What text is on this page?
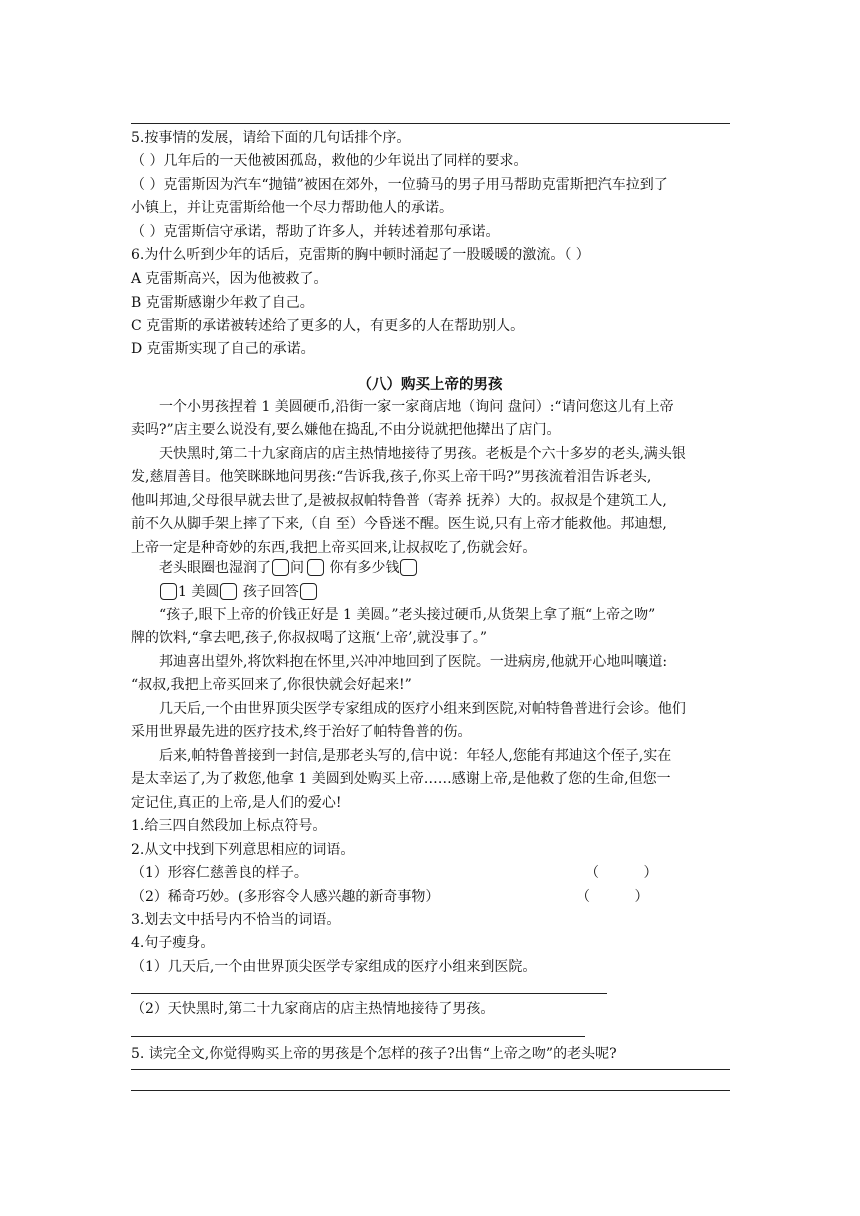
5.按事情的发展，请给下面的几句话排个序。
（ ）几年后的一天他被困孤岛，救他的少年说出了同样的要求。
（ ）克雷斯因为汽车“抛锚”被困在郊外，一位骑马的男子用马帮助克雷斯把汽车拉到了
小镇上，并让克雷斯给他一个尽力帮助他人的承诺。
（ ）克雷斯信守承诺，帮助了许多人，并转述着那句承诺。
6.为什么听到少年的话后，克雷斯的胸中顿时涌起了一股暖暖的激流。（ ）
A 克雷斯高兴，因为他被救了。
B 克雷斯感谢少年救了自己。
C 克雷斯的承诺被转述给了更多的人，有更多的人在帮助别人。
D 克雷斯实现了自己的承诺。
（八）购买上帝的男孩
一个小男孩捏着 1 美圆硬币,沿街一家一家商店地（询问 盘问）:“请问您这儿有上帝
卖吗?”店主要么说没有,要么嫌他在捣乱,不由分说就把他撵出了店门。
天快黑时,第二十九家商店的店主热情地接待了男孩。老板是个六十多岁的老头,满头银
发,慈眉善目。他笑眯眯地问男孩:“告诉我,孩子,你买上帝干吗?”男孩流着泪告诉老头,
他叫邦迪,父母很早就去世了,是被叔叔帕特鲁普（寄养 抚养）大的。叔叔是个建筑工人,
前不久从脚手架上摔了下来,（自 至）今昏迷不醒。医生说,只有上帝才能救他。邦迪想,
上帝一定是种奇妙的东西,我把上帝买回来,让叔叔吃了,伤就会好。
老头眼圈也湿润了 问 你有多少钱
1 美圆 孩子回答
“孩子,眼下上帝的价钱正好是 1 美圆。”老头接过硬币,从货架上拿了瓶“上帝之吻”
牌的饮料,“拿去吧,孩子,你叔叔喝了这瓶‘上帝’,就没事了。”
邦迪喜出望外,将饮料抱在怀里,兴冲冲地回到了医院。一进病房,他就开心地叫嚷道:
“叔叔,我把上帝买回来了,你很快就会好起来!”
几天后,一个由世界顶尖医学专家组成的医疗小组来到医院,对帕特鲁普进行会诊。他们
采用世界最先进的医疗技术,终于治好了帕特鲁普的伤。
后来,帕特鲁普接到一封信,是那老头写的,信中说：年轻人,您能有邦迪这个侄子,实在
是太幸运了,为了救您,他拿 1 美圆到处购买上帝……感谢上帝,是他救了您的生命,但您一
定记住,真正的上帝,是人们的爱心!
1.给三四自然段加上标点符号。
2.从文中找到下列意思相应的词语。
（1）形容仁慈善良的样子。	（          ）
（2）稀奇巧妙。(多形容令人感兴趣的新奇事物）	（          ）
3.划去文中括号内不恰当的词语。
4.句子瘦身。
（1）几天后,一个由世界顶尖医学专家组成的医疗小组来到医院。
（2）天快黑时,第二十九家商店的店主热情地接待了男孩。
5. 读完全文,你觉得购买上帝的男孩是个怎样的孩子?出售“上帝之吻”的老头呢?
